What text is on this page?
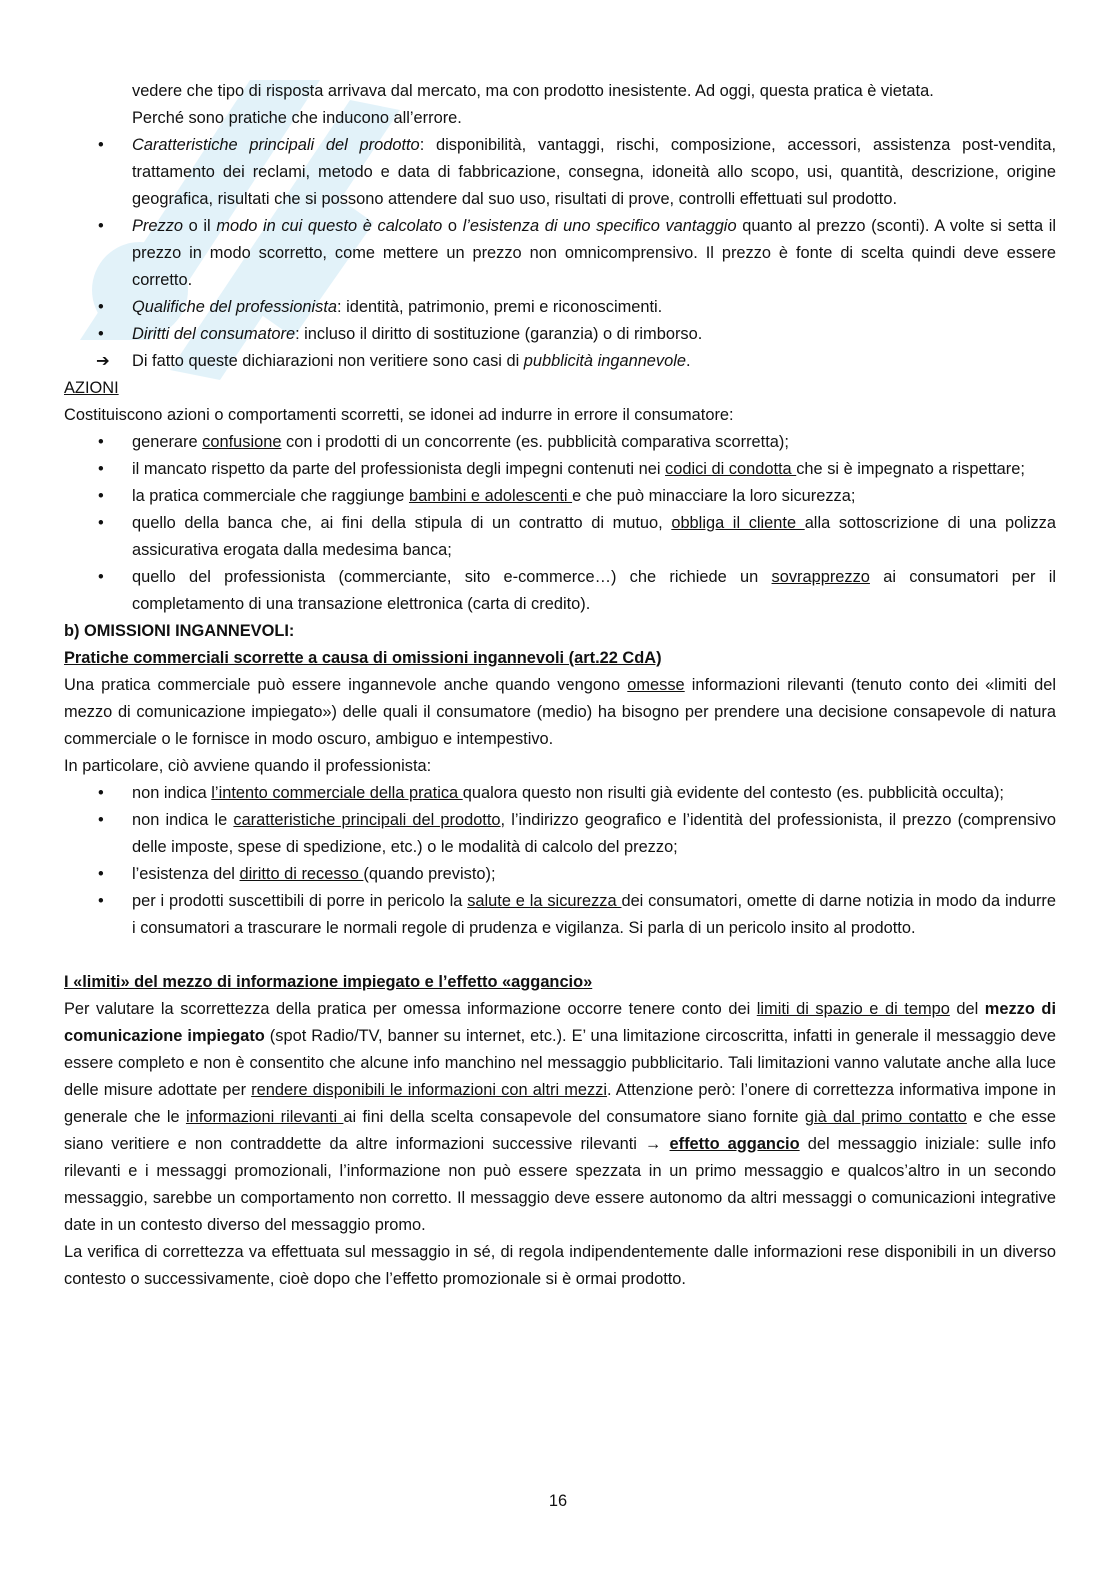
vedere che tipo di risposta arrivava dal mercato, ma con prodotto inesistente. Ad oggi, questa pratica è vietata.
Perché sono pratiche che inducono all’errore.

• Caratteristiche principali del prodotto: disponibilità, vantaggi, rischi, composizione, accessori, assistenza post-vendita, trattamento dei reclami, metodo e data di fabbricazione, consegna, idoneità allo scopo, usi, quantità, descrizione, origine geografica, risultati che si possono attendere dal suo uso, risultati di prove, controlli effettuati sul prodotto.
• Prezzo o il modo in cui questo è calcolato o l’esistenza di uno specifico vantaggio quanto al prezzo (sconti). A volte si setta il prezzo in modo scorretto, come mettere un prezzo non omnicomprensivo. Il prezzo è fonte di scelta quindi deve essere corretto.
• Qualifiche del professionista: identità, patrimonio, premi e riconoscimenti.
• Diritti del consumatore: incluso il diritto di sostituzione (garanzia) o di rimborso.
➔ Di fatto queste dichiarazioni non veritiere sono casi di pubblicità ingannevole.

AZIONI

Costituiscono azioni o comportamenti scorretti, se idonei ad indurre in errore il consumatore:

• generare confusione con i prodotti di un concorrente (es. pubblicità comparativa scorretta);
• il mancato rispetto da parte del professionista degli impegni contenuti nei codici di condotta che si è impegnato a rispettare;
• la pratica commerciale che raggiunge bambini e adolescenti e che può minacciare la loro sicurezza;
• quello della banca che, ai fini della stipula di un contratto di mutuo, obbliga il cliente alla sottoscrizione di una polizza assicurativa erogata dalla medesima banca;
• quello del professionista (commerciante, sito e-commerce…) che richiede un sovrapprezzo ai consumatori per il completamento di una transazione elettronica (carta di credito).

b) OMISSIONI INGANNEVOLI:

Pratiche commerciali scorrette a causa di omissioni ingannevoli (art.22 CdA)

Una pratica commerciale può essere ingannevole anche quando vengono omesse informazioni rilevanti (tenuto conto dei «limiti del mezzo di comunicazione impiegato») delle quali il consumatore (medio) ha bisogno per prendere una decisione consapevole di natura commerciale o le fornisce in modo oscuro, ambiguo e intempestivo.

In particolare, ciò avviene quando il professionista:

• non indica l’intento commerciale della pratica qualora questo non risulti già evidente del contesto (es. pubblicità occulta);
• non indica le caratteristiche principali del prodotto, l’indirizzo geografico e l’identità del professionista, il prezzo (comprensivo delle imposte, spese di spedizione, etc.) o le modalità di calcolo del prezzo;
• l’esistenza del diritto di recesso (quando previsto);
• per i prodotti suscettibili di porre in pericolo la salute e la sicurezza dei consumatori, omette di darne notizia in modo da indurre i consumatori a trascurare le normali regole di prudenza e vigilanza. Si parla di un pericolo insito al prodotto.

I «limiti» del mezzo di informazione impiegato e l’effetto «aggancio»

Per valutare la scorrettezza della pratica per omessa informazione occorre tenere conto dei limiti di spazio e di tempo del mezzo di comunicazione impiegato (spot Radio/TV, banner su internet, etc.). E’ una limitazione circoscritta, infatti in generale il messaggio deve essere completo e non è consentito che alcune info manchino nel messaggio pubblicitario. Tali limitazioni vanno valutate anche alla luce delle misure adottate per rendere disponibili le informazioni con altri mezzi. Attenzione però: l’onere di correttezza informativa impone in generale che le informazioni rilevanti ai fini della scelta consapevole del consumatore siano fornite già dal primo contatto e che esse siano veritiere e non contraddette da altre informazioni successive rilevanti → effetto aggancio del messaggio iniziale: sulle info rilevanti e i messaggi promozionali, l’informazione non può essere spezzata in un primo messaggio e qualcos’altro in un secondo messaggio, sarebbe un comportamento non corretto. Il messaggio deve essere autonomo da altri messaggi o comunicazioni integrative date in un contesto diverso del messaggio promo.

La verifica di correttezza va effettuata sul messaggio in sé, di regola indipendentemente dalle informazioni rese disponibili in un diverso contesto o successivamente, cioè dopo che l’effetto promozionale si è ormai prodotto.

16
